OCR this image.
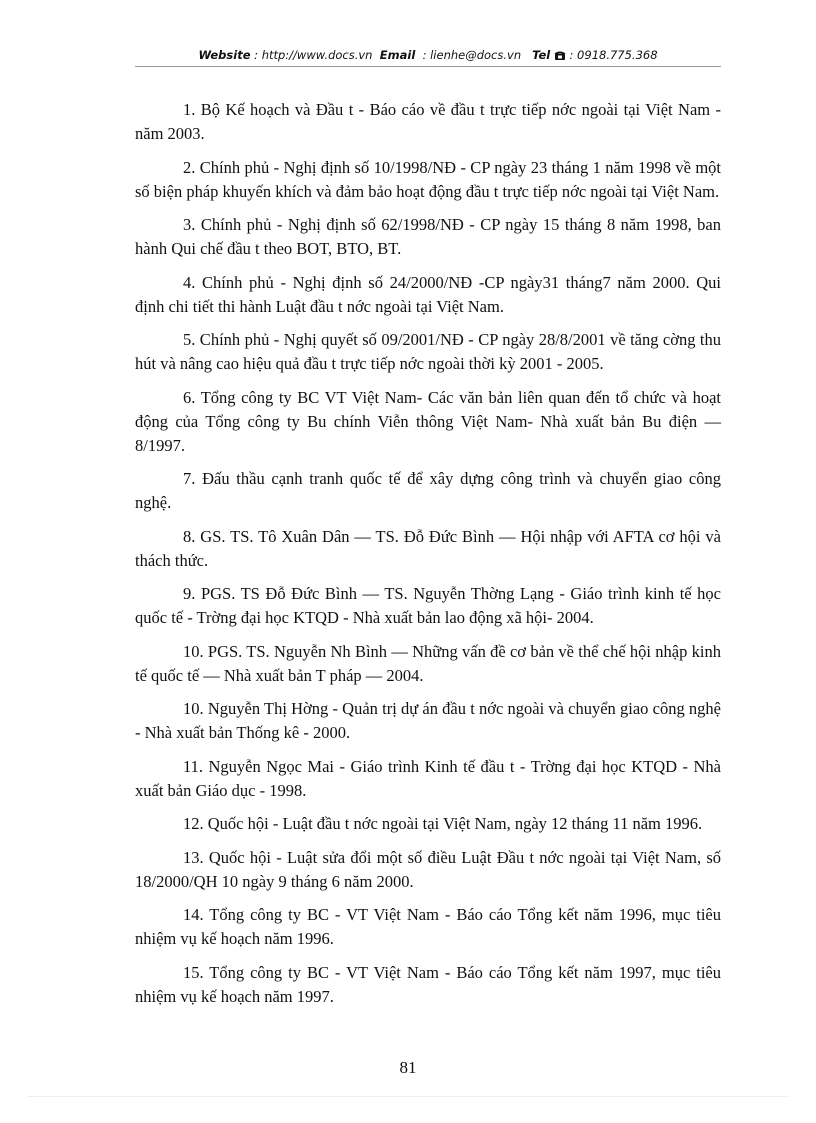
Website : http://www.docs.vn Email : lienhe@docs.vn Tel : 0918.775.368

1. Bộ Kế hoạch và Đầu t - Báo cáo về đầu t trực tiếp nớc ngoài tại Việt Nam - năm 2003.

2. Chính phủ - Nghị định số 10/1998/NĐ - CP ngày 23 tháng 1 năm 1998 về một số biện pháp khuyến khích và đảm bảo hoạt động đầu t trực tiếp nớc ngoài tại Việt Nam.

3. Chính phủ - Nghị định số 62/1998/NĐ - CP ngày 15 tháng 8 năm 1998, ban hành Qui chế đầu t theo BOT, BTO, BT.

4. Chính phủ - Nghị định số 24/2000/NĐ -CP ngày31 tháng7 năm 2000. Qui định chi tiết thi hành Luật đầu t nớc ngoài tại Việt Nam.

5. Chính phủ - Nghị quyết số 09/2001/NĐ - CP ngày 28/8/2001 về tăng cờng thu hút và nâng cao hiệu quả đầu t trực tiếp nớc ngoài thời kỳ 2001 - 2005.

6. Tổng công ty BC VT Việt Nam- Các văn bản liên quan đến tổ chức và hoạt động của Tổng công ty Bu chính Viễn thông Việt Nam- Nhà xuất bản Bu điện — 8/1997.

7. Đấu thầu cạnh tranh quốc tế để xây dựng công trình và chuyển giao công nghệ.

8. GS. TS. Tô Xuân Dân — TS. Đỗ Đức Bình — Hội nhập với AFTA cơ hội và thách thức.

9. PGS. TS Đỗ Đức Bình — TS. Nguyễn Thờng Lạng - Giáo trình kinh tế học quốc tế - Trờng đại học KTQD - Nhà xuất bản lao động xã hội- 2004.

10. PGS. TS. Nguyễn Nh Bình — Những vấn đề cơ bản về thể chế hội nhập kinh tế quốc tế — Nhà xuất bản T pháp — 2004.

10. Nguyễn Thị Hờng - Quản trị dự án đầu t nớc ngoài và chuyển giao công nghệ - Nhà xuất bản Thống kê - 2000.

11. Nguyễn Ngọc Mai - Giáo trình Kinh tế đầu t - Trờng đại học KTQD - Nhà xuất bản Giáo dục - 1998.

12. Quốc hội - Luật đầu t nớc ngoài tại Việt Nam, ngày 12 tháng 11 năm 1996.

13. Quốc hội - Luật sửa đổi một số điều Luật Đầu t nớc ngoài tại Việt Nam, số 18/2000/QH 10 ngày 9 tháng 6 năm 2000.

14. Tổng công ty BC - VT Việt Nam - Báo cáo Tổng kết năm 1996, mục tiêu nhiệm vụ kế hoạch năm 1996.

15. Tổng công ty BC - VT Việt Nam - Báo cáo Tổng kết năm 1997, mục tiêu nhiệm vụ kế hoạch năm 1997.

81
